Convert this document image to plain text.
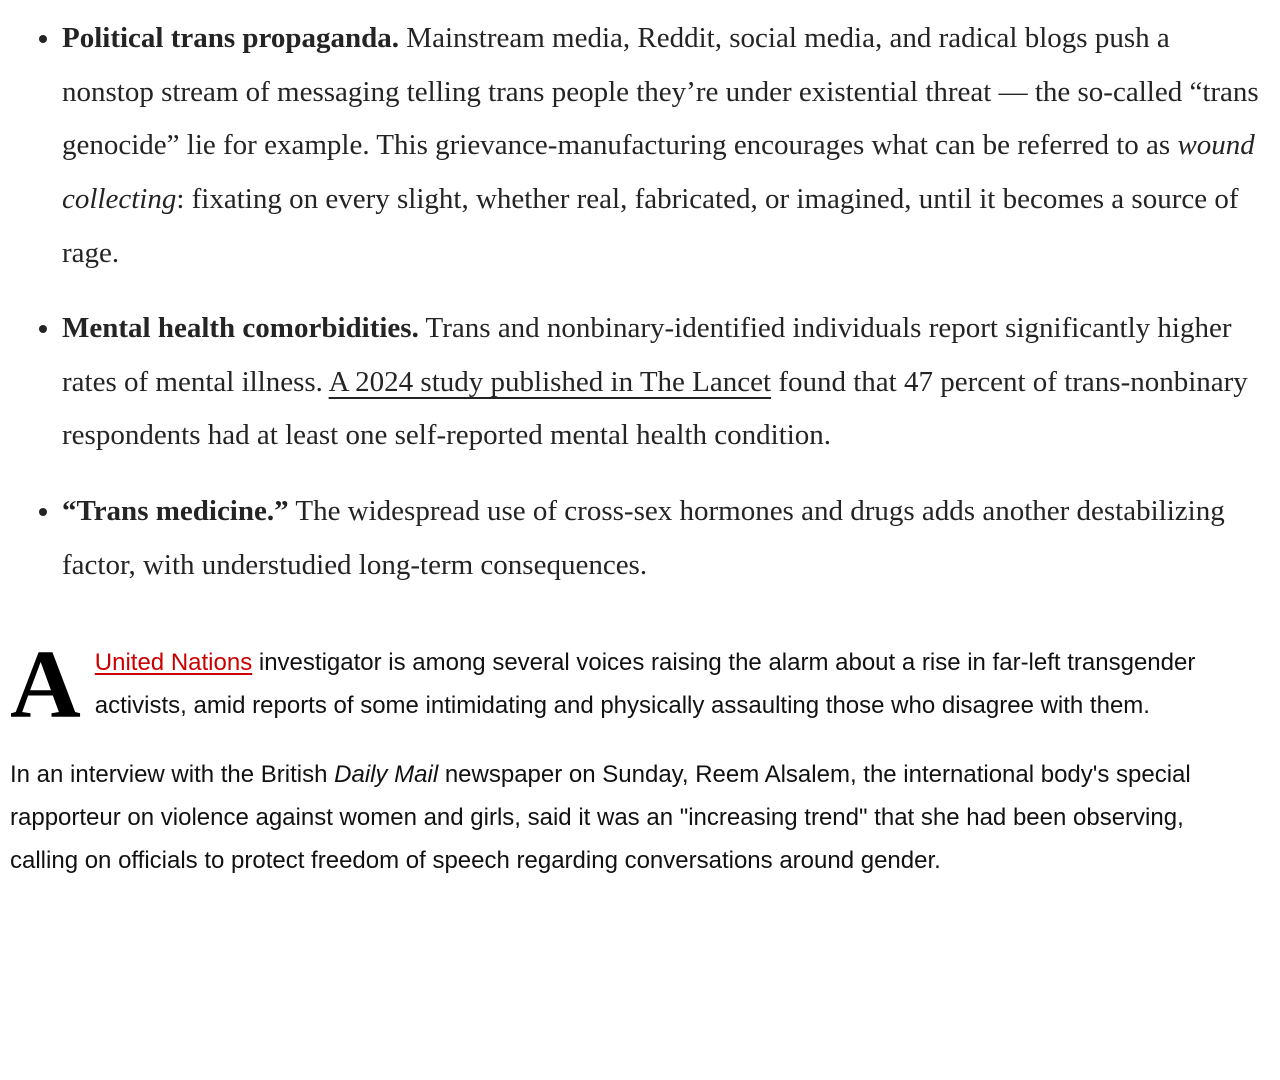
• Political trans propaganda. Mainstream media, Reddit, social media, and radical blogs push a nonstop stream of messaging telling trans people they’re under existential threat — the so-called “trans genocide” lie for example. This grievance-manufacturing encourages what can be referred to as wound collecting: fixating on every slight, whether real, fabricated, or imagined, until it becomes a source of rage.
• Mental health comorbidities. Trans and nonbinary-identified individuals report significantly higher rates of mental illness. A 2024 study published in The Lancet found that 47 percent of trans-nonbinary respondents had at least one self-reported mental health condition.
• “Trans medicine.” The widespread use of cross-sex hormones and drugs adds another destabilizing factor, with understudied long-term consequences.

A United Nations investigator is among several voices raising the alarm about a rise in far-left transgender activists, amid reports of some intimidating and physically assaulting those who disagree with them.

In an interview with the British Daily Mail newspaper on Sunday, Reem Alsalem, the international body's special rapporteur on violence against women and girls, said it was an "increasing trend" that she had been observing, calling on officials to protect freedom of speech regarding conversations around gender.
